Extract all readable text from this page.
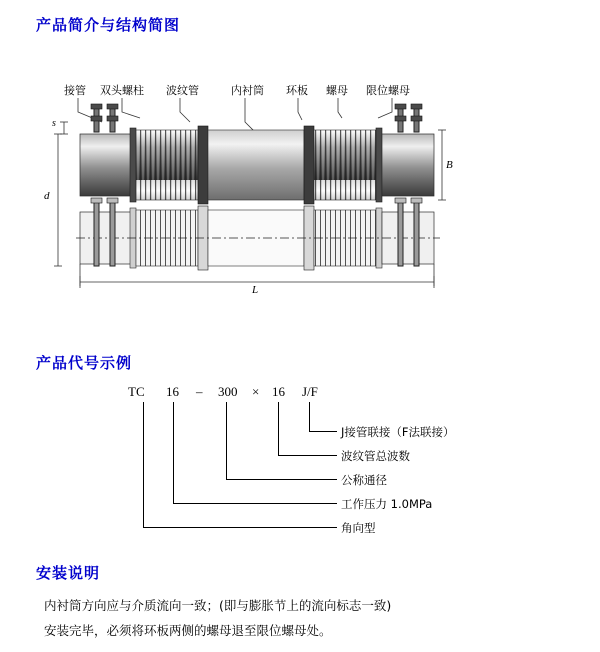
产品简介与结构简图
接管 双头螺柱 波纹管	内衬筒 环板 螺母 限位螺母
s
d
B
L
产品代号示例
TC 16 – 300 × 16 J/F
J接管联接（F法联接）
波纹管总波数
公称通径
工作压力 1.0MPa
角向型
安装说明

内衬筒方向应与介质流向一致；(即与膨胀节上的流向标志一致)

安装完毕，必须将环板两侧的螺母退至限位螺母处。
